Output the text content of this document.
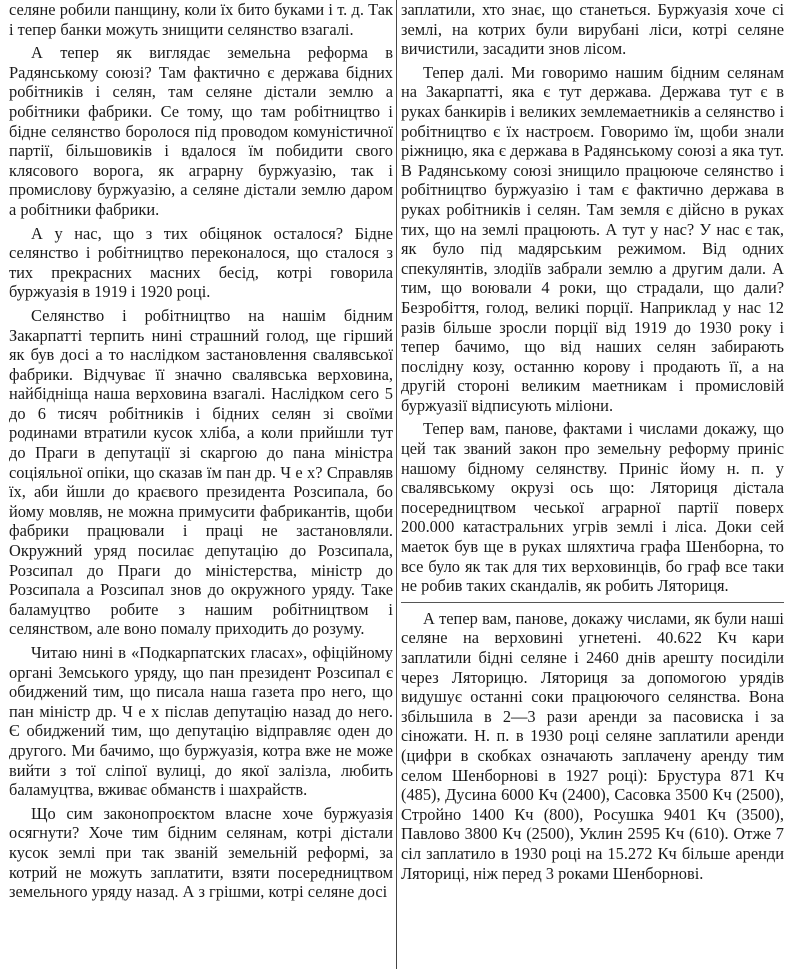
селяне робили панщину, коли їх бито буками і т. д. Так і тепер банки можуть знищити селянство взагалі.

А тепер як виглядає земельна реформа в Радянському союзі? Там фактично є держава бідних робітників і селян, там селяне дістали землю а робітники фабрики. Се тому, що там робітництво і бідне селянство боролося під проводом комуністичної партії, більшовиків і вдалося їм побидити свого клясового ворога, як аграрну буржуазію, так і промислову буржуазію, а селяне дістали землю даром а робітники фабрики.

А у нас, що з тих обіцянок осталося? Бідне селянство і робітництво переконалося, що сталося з тих прекрасних масних бесід, котрі говорила буржуазія в 1919 і 1920 році.

Селянство і робітництво на нашім бідним Закарпатті терпить нині страшний голод, ще гірший як був досі а то наслідком застановлення свалявської фабрики. Відчуває її значно свалявська верховина, найбідніща наша верховина взагалі. Наслідком сего 5 до 6 тисяч робітників і бідних селян зі своїми родинами втратили кусок хліба, а коли прийшли тут до Праги в депутації зі скаргою до пана міністра соціяльної опіки, що сказав їм пан др. Ч е х? Справляв їх, аби йшли до краєвого президента Розсипала, бо йому мовляв, не можна примусити фабрикантів, щоби фабрики працювали і праці не застановляли. Окружний уряд посилає депутацію до Розсипала, Розсипал до Праги до міністерства, міністр до Розсипала а Розсипал знов до окружного уряду. Таке баламуцтво робите з нашим робітництвом і селянством, але воно помалу приходить до розуму.

Читаю нині в «Подкарпатских гласах», офіційному органі Земського уряду, що пан президент Розсипал є обиджений тим, що писала наша газета про него, що пан міністр др. Ч е х післав депутацію назад до него. Є обиджений тим, що депутацію відправляє оден до другого. Ми бачимо, що буржуазія, котра вже не може вийти з тої сліпої вулиці, до якої залізла, любить баламуцтва, вживає обманств і шахрайств.

Що сим законопроєктом власне хоче буржуазія осягнути? Хоче тим бідним селянам, котрі дістали кусок землі при так званій земельній реформі, за котрий не можуть заплатити, взяти посередництвом земельного уряду назад. А з грішми, котрі селяне досі

заплатили, хто знає, що станеться. Буржуазія хоче сі землі, на котрих були вирубані ліси, котрі селяне вичистили, засадити знов лісом.

Тепер далі. Ми говоримо нашим бідним селянам на Закарпатті, яка є тут держава. Держава тут є в руках банкирів і великих землемаетників а селянство і робітництво є їх настроєм. Говоримо їм, щоби знали ріжницю, яка є держава в Радянському союзі а яка тут. В Радянському союзі знищило працююче селянство і робітництво буржуазію і там є фактично держава в руках робітників і селян. Там земля є дійсно в руках тих, що на землі працюють. А тут у нас? У нас є так, як було під мадярським режимом. Від одних спекулянтів, злодіїв забрали землю а другим дали. А тим, що воювали 4 роки, що страдали, що дали? Безробіття, голод, великі порції. Наприклад у нас 12 разів більше зросли порції від 1919 до 1930 року і тепер бачимо, що від наших селян забирають послідну козу, останню корову і продають її, а на другій стороні великим маетникам і промисловій буржуазії відписують міліони.

Тепер вам, панове, фактами і числами докажу, що цей так званий закон про земельну реформу приніс нашому бідному селянству. Приніс йому н. п. у свалявському окрузі ось що: Лятоpиця дістала посередництвом чеської аграрної партії поверх 200.000 катастральних угрів землі і ліса. Доки сей маеток був ще в руках шляхтича графа Шенборна, то все було як так для тих верховинців, бо граф все таки не робив таких скандалів, як робить Лятоpиця.

А тепер вам, панове, докажу числами, як були наші селяне на верховині угнетені. 40.622 Кч кари заплатили бідні селяне і 2460 днів арешту посиділи через Лятоpицю. Лятоpиця за допомогою урядів видушує останні соки працюючого селянства. Вона збільшила в 2—3 рази аренди за пасовиска і за сіножати. Н. п. в 1930 році селяне заплатили аренди (цифри в скобках означають заплачену аренду тим селом Шенборнові в 1927 році): Брустура 871 Кч (485), Дусина 6000 Кч (2400), Сасовка 3500 Кч (2500), Стройно 1400 Кч (800), Росушка 9401 Кч (3500), Павлово 3800 Кч (2500), Уклин 2595 Кч (610). Отже 7 сіл заплатило в 1930 році на 15.272 Кч більше аренди Лятоpиці, ніж перед 3 роками Шенборнові.
